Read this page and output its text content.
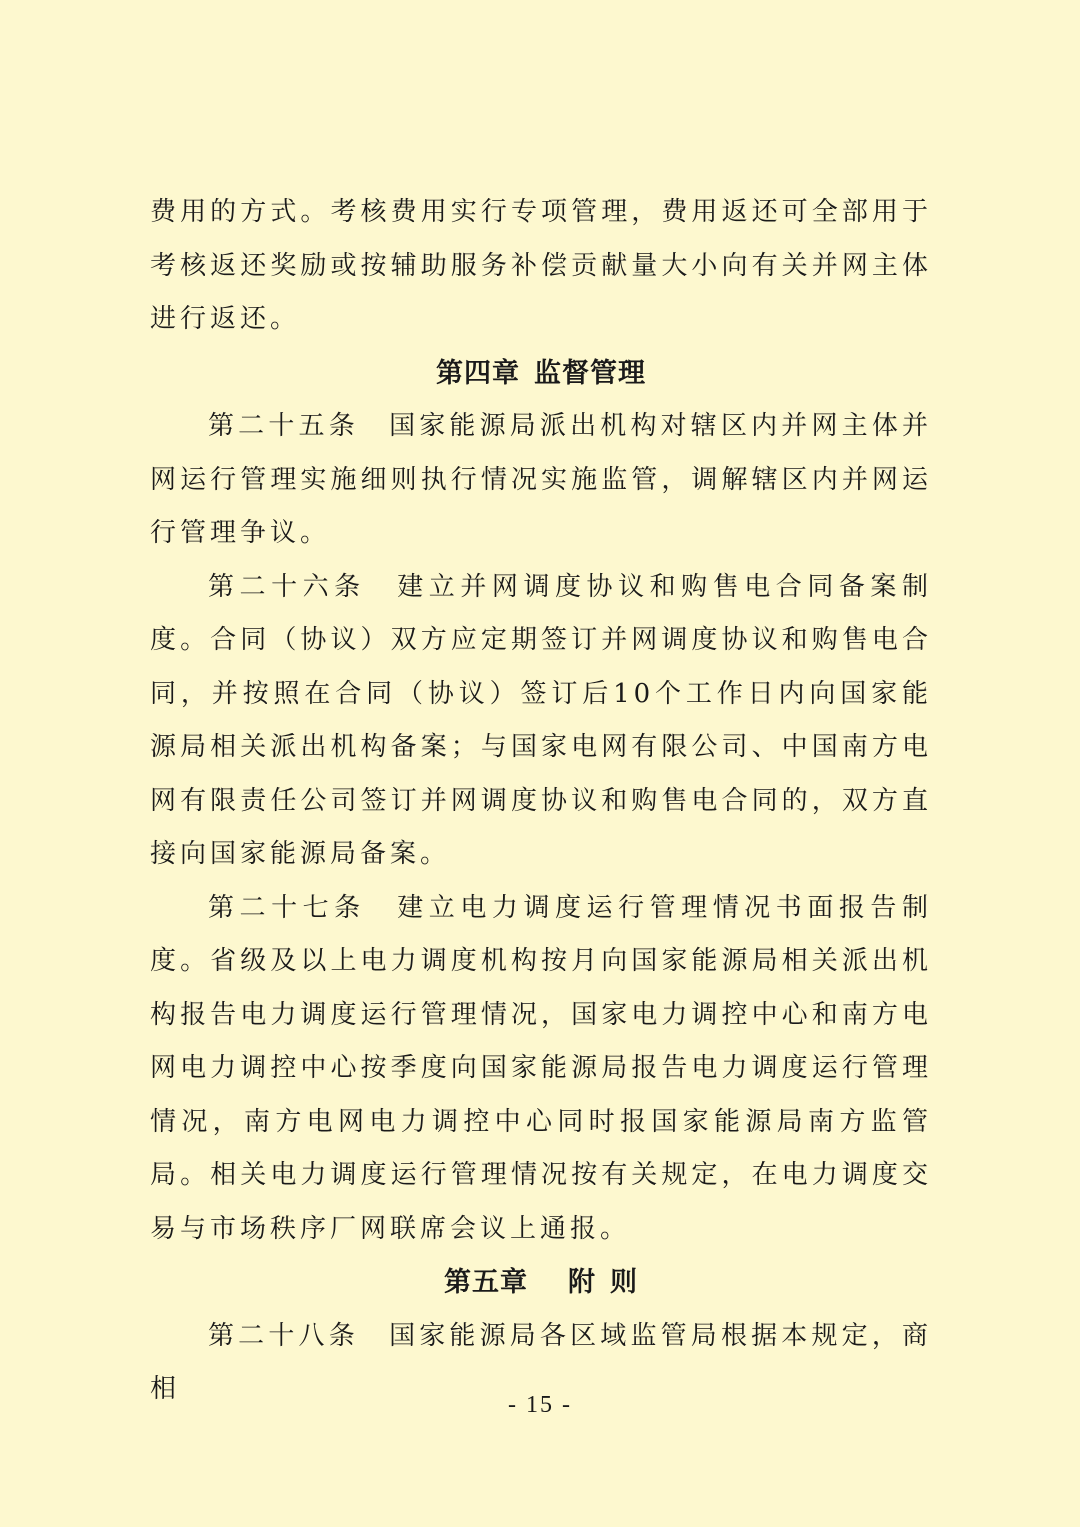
费用的方式。考核费用实行专项管理，费用返还可全部用于考核返还奖励或按辅助服务补偿贡献量大小向有关并网主体进行返还。

第四章 监督管理

第二十五条　 国家能源局派出机构对辖区内并网主体并网运行管理实施细则执行情况实施监管，调解辖区内并网运行管理争议。

第二十六条　 建立并网调度协议和购售电合同备案制度。合同（协议）双方应定期签订并网调度协议和购售电合同，并按照在合同（协议）签订后10个工作日内向国家能源局相关派出机构备案；与国家电网有限公司、中国南方电网有限责任公司签订并网调度协议和购售电合同的，双方直接向国家能源局备案。

第二十七条　 建立电力调度运行管理情况书面报告制度。省级及以上电力调度机构按月向国家能源局相关派出机构报告电力调度运行管理情况，国家电力调控中心和南方电网电力调控中心按季度向国家能源局报告电力调度运行管理情况，南方电网电力调控中心同时报国家能源局南方监管局。相关电力调度运行管理情况按有关规定，在电力调度交易与市场秩序厂网联席会议上通报。

第五章 附 则

第二十八条　 国家能源局各区域监管局根据本规定，商相

- 15 -
